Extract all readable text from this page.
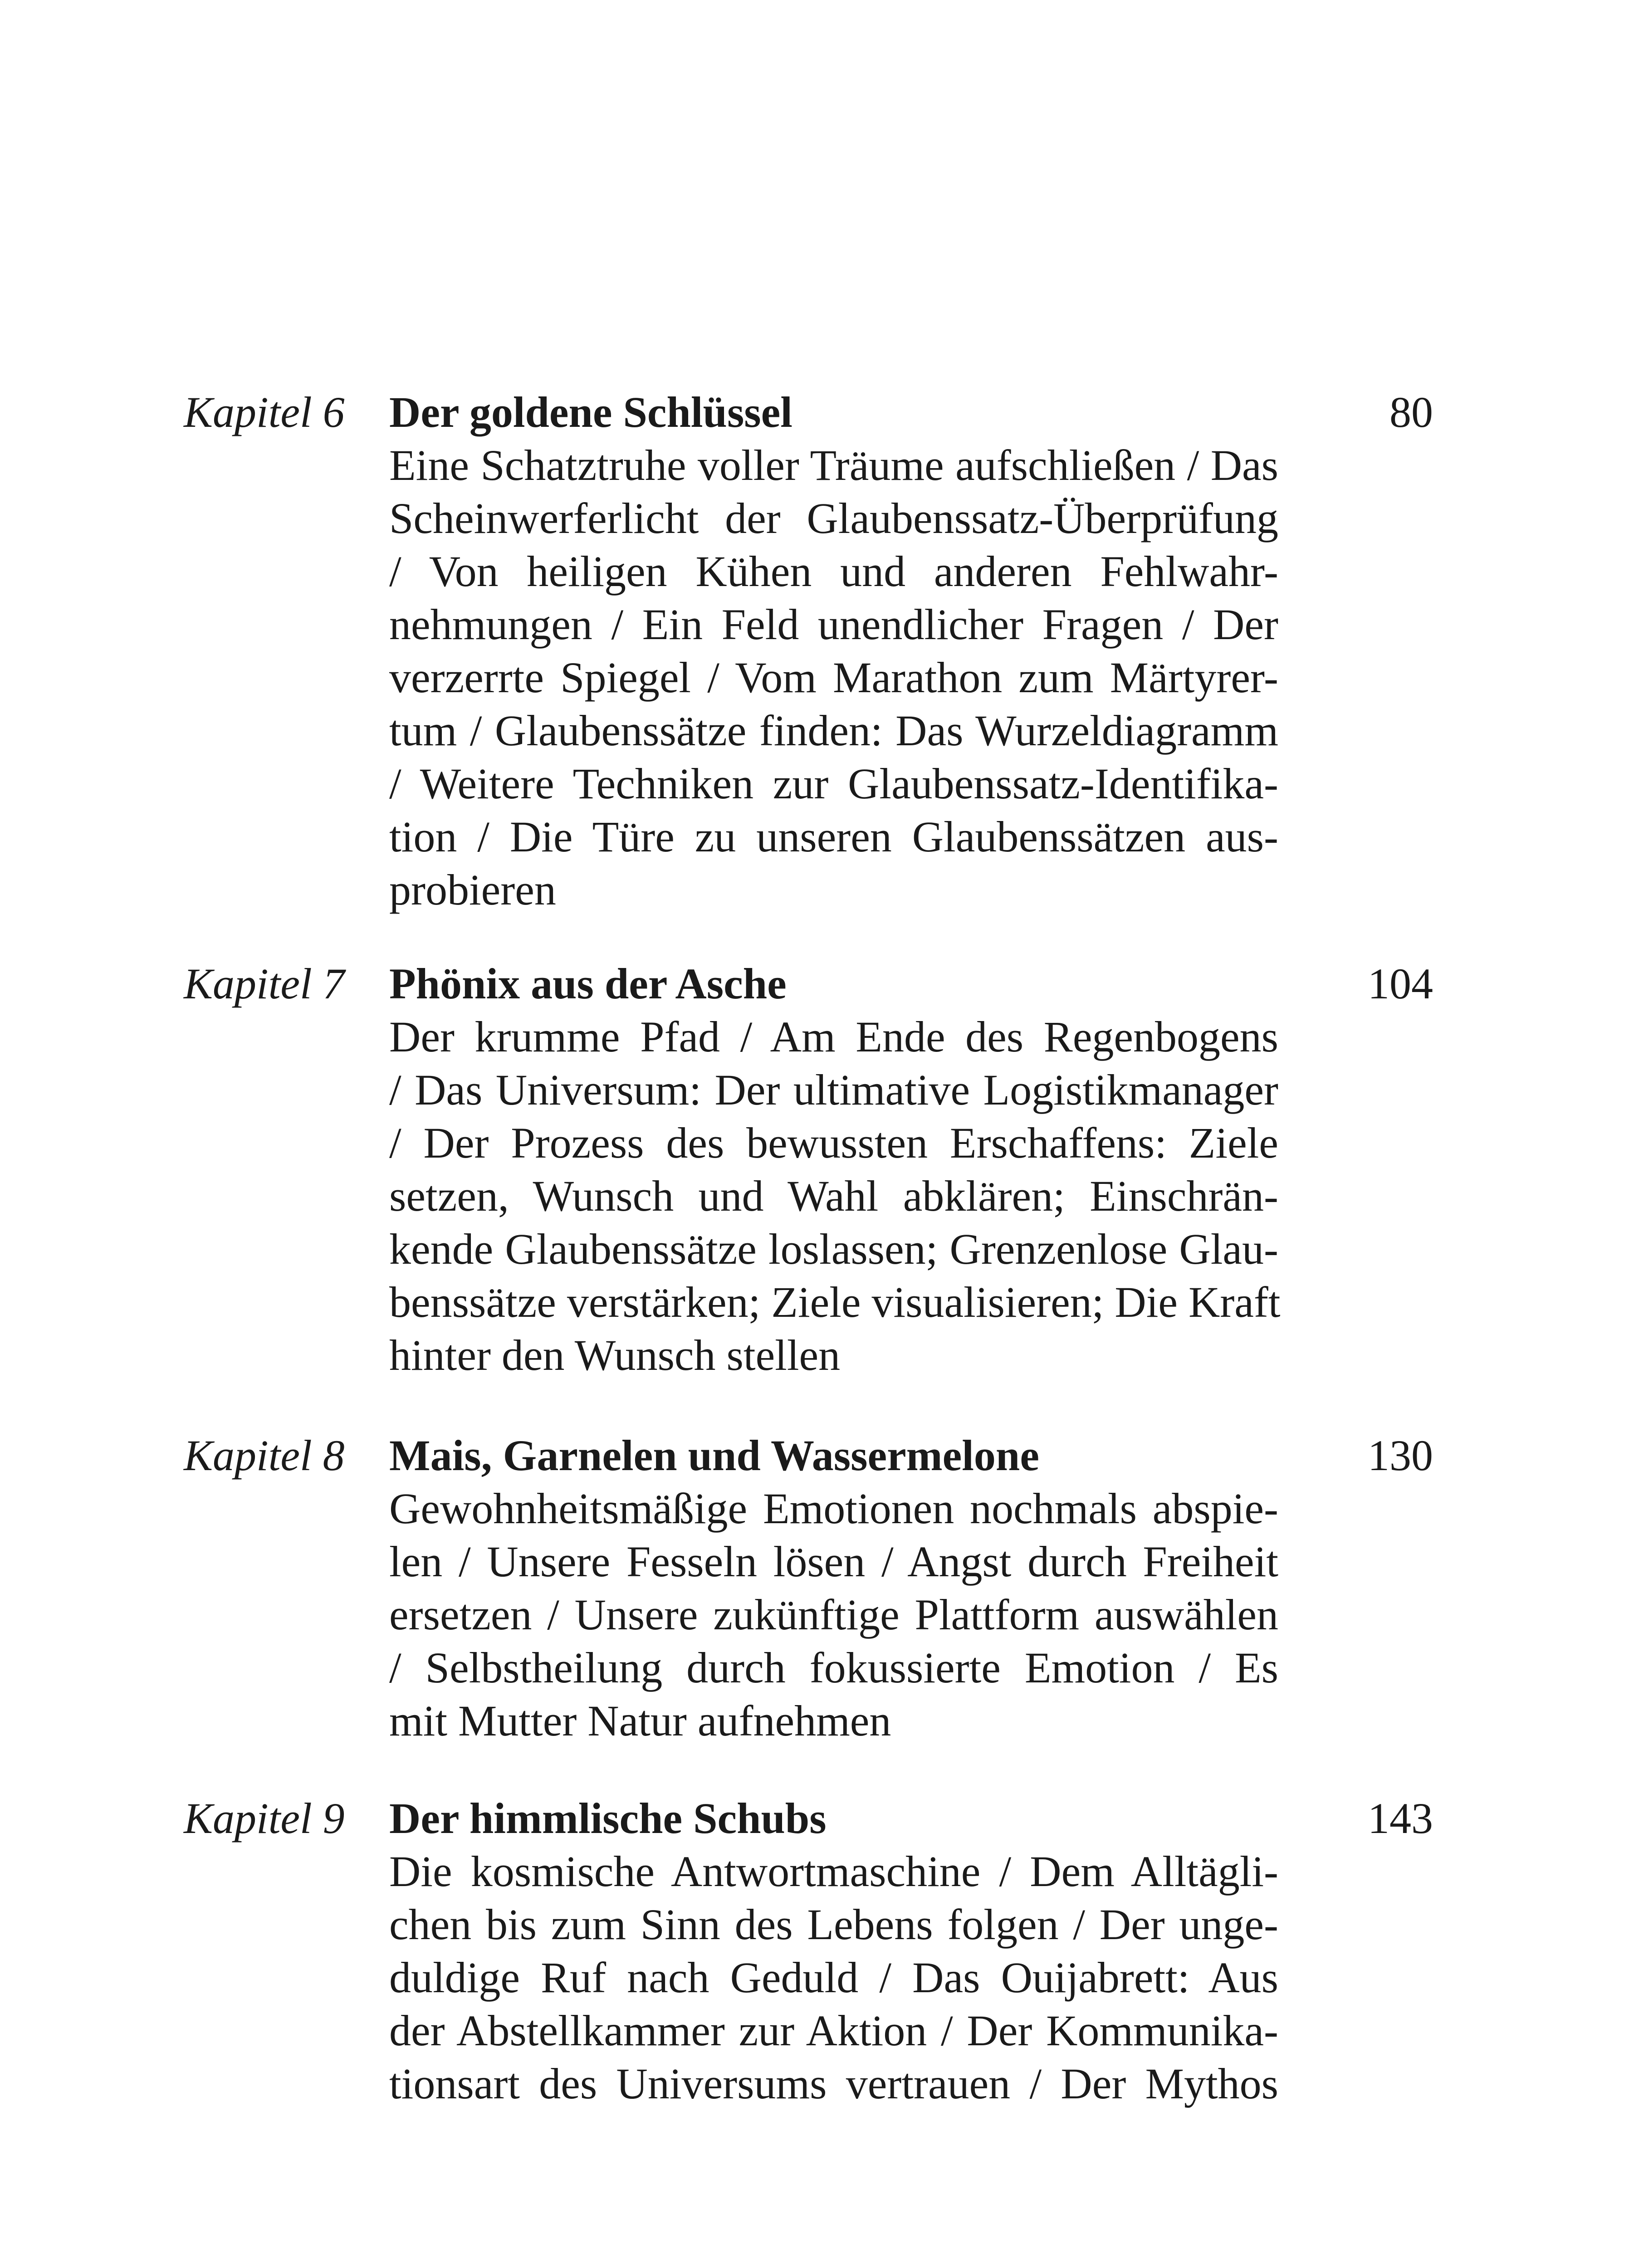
Kapitel 6 Der goldene Schlüssel	80
Eine Schatztruhe voller Träume aufschließen / Das
Scheinwerferlicht der Glaubenssatz-Überprüfung
/ Von heiligen Kühen und anderen Fehlwahr-
nehmungen / Ein Feld unendlicher Fragen / Der
verzerrte Spiegel / Vom Marathon zum Märtyrer-
tum / Glaubenssätze finden: Das Wurzeldiagramm
/ Weitere Techniken zur Glaubenssatz-Identifika-
tion / Die Türe zu unseren Glaubenssätzen aus-
probieren
Kapitel 7 Phönix aus der Asche	104
Der krumme Pfad / Am Ende des Regenbogens
/ Das Universum: Der ultimative Logistikmanager
/ Der Prozess des bewussten Erschaffens: Ziele
setzen, Wunsch und Wahl abklären; Einschrän-
kende Glaubenssätze loslassen; Grenzenlose Glau-
benssätze verstärken; Ziele visualisieren; Die Kraft
hinter den Wunsch stellen
Kapitel 8 Mais, Garnelen und Wassermelone	130
Gewohnheitsmäßige Emotionen nochmals abspie-
len / Unsere Fesseln lösen / Angst durch Freiheit
ersetzen / Unsere zukünftige Plattform auswählen
/ Selbstheilung durch fokussierte Emotion / Es
mit Mutter Natur aufnehmen
Kapitel 9 Der himmlische Schubs	143
Die kosmische Antwortmaschine / Dem Alltägli-
chen bis zum Sinn des Lebens folgen / Der unge-
duldige Ruf nach Geduld / Das Ouijabrett: Aus
der Abstellkammer zur Aktion / Der Kommunika-
tionsart des Universums vertrauen / Der Mythos
